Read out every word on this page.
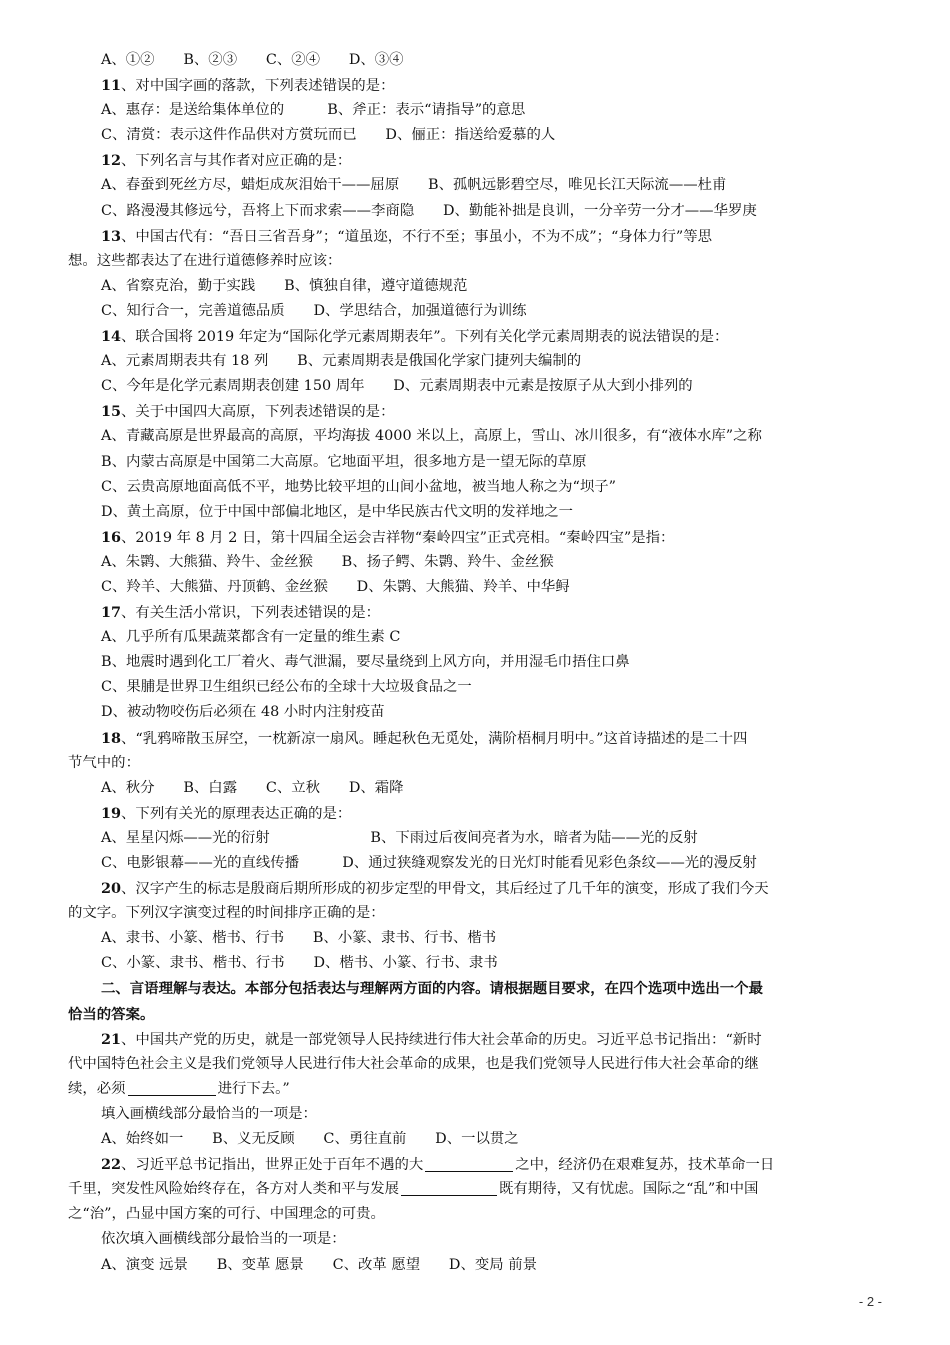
A、①②　　B、②③　　C、②④　　D、③④
11、对中国字画的落款，下列表述错误的是：
A、惠存：是送给集体单位的　　　B、斧正：表示“请指导”的意思
C、清赏：表示这件作品供对方赏玩而已　　D、俪正：指送给爱慕的人
12、下列名言与其作者对应正确的是：
A、春蚕到死丝方尽，蜡炬成灰泪始干——屈原　　B、孤帆远影碧空尽，唯见长江天际流——杜甫
C、路漫漫其修远兮，吾将上下而求索——李商隐　　D、勤能补拙是良训，一分辛劳一分才——华罗庚
13、中国古代有：“吾日三省吾身”；“道虽迩，不行不至；事虽小，不为不成”；“身体力行”等思
想。这些都表达了在进行道德修养时应该：
A、省察克治，勤于实践　　B、慎独自律，遵守道德规范
C、知行合一，完善道德品质　　D、学思结合，加强道德行为训练
14、联合国将 2019 年定为“国际化学元素周期表年”。下列有关化学元素周期表的说法错误的是：
A、元素周期表共有 18 列　　B、元素周期表是俄国化学家门捷列夫编制的
C、今年是化学元素周期表创建 150 周年　　D、元素周期表中元素是按原子从大到小排列的
15、关于中国四大高原，下列表述错误的是：
A、青藏高原是世界最高的高原，平均海拔 4000 米以上，高原上，雪山、冰川很多，有“液体水库”之称
B、内蒙古高原是中国第二大高原。它地面平坦，很多地方是一望无际的草原
C、云贵高原地面高低不平，地势比较平坦的山间小盆地，被当地人称之为“坝子”
D、黄土高原，位于中国中部偏北地区，是中华民族古代文明的发祥地之一
16、2019 年 8 月 2 日，第十四届全运会吉祥物“秦岭四宝”正式亮相。“秦岭四宝”是指：
A、朱鹮、大熊猫、羚牛、金丝猴　　B、扬子鳄、朱鹮、羚牛、金丝猴
C、羚羊、大熊猫、丹顶鹤、金丝猴　　D、朱鹮、大熊猫、羚羊、中华鲟
17、有关生活小常识，下列表述错误的是：
A、几乎所有瓜果蔬菜都含有一定量的维生素 C
B、地震时遇到化工厂着火、毒气泄漏，要尽量绕到上风方向，并用湿毛巾捂住口鼻
C、果脯是世界卫生组织已经公布的全球十大垃圾食品之一
D、被动物咬伤后必须在 48 小时内注射疫苗
18、“乳鸦啼散玉屏空，一枕新凉一扇风。睡起秋色无觅处，满阶梧桐月明中。”这首诗描述的是二十四
节气中的：
A、秋分　　B、白露　　C、立秋　　D、霜降
19、下列有关光的原理表达正确的是：
A、星星闪烁——光的衍射　　　　　　　B、下雨过后夜间亮者为水，暗者为陆——光的反射
C、电影银幕——光的直线传播　　　D、通过狭缝观察发光的日光灯时能看见彩色条纹——光的漫反射
20、汉字产生的标志是殷商后期所形成的初步定型的甲骨文，其后经过了几千年的演变，形成了我们今天
的文字。下列汉字演变过程的时间排序正确的是：
A、隶书、小篆、楷书、行书　　B、小篆、隶书、行书、楷书
C、小篆、隶书、楷书、行书　　D、楷书、小篆、行书、隶书
二、言语理解与表达。本部分包括表达与理解两方面的内容。请根据题目要求，在四个选项中选出一个最
恰当的答案。
21、中国共产党的历史，就是一部党领导人民持续进行伟大社会革命的历史。习近平总书记指出：“新时
代中国特色社会主义是我们党领导人民进行伟大社会革命的成果，也是我们党领导人民进行伟大社会革命的继
续，必须	进行下去。”
填入画横线部分最恰当的一项是：
A、始终如一　　B、义无反顾　　C、勇往直前　　D、一以贯之
22、习近平总书记指出，世界正处于百年不遇的大	之中，经济仍在艰难复苏，技术革命一日
千里，突发性风险始终存在，各方对人类和平与发展	既有期待，又有忧虑。国际之“乱”和中国
之“治”，凸显中国方案的可行、中国理念的可贵。
依次填入画横线部分最恰当的一项是：
A、演变 远景　　B、变革 愿景　　C、改革 愿望　　D、变局 前景
- 2 -
